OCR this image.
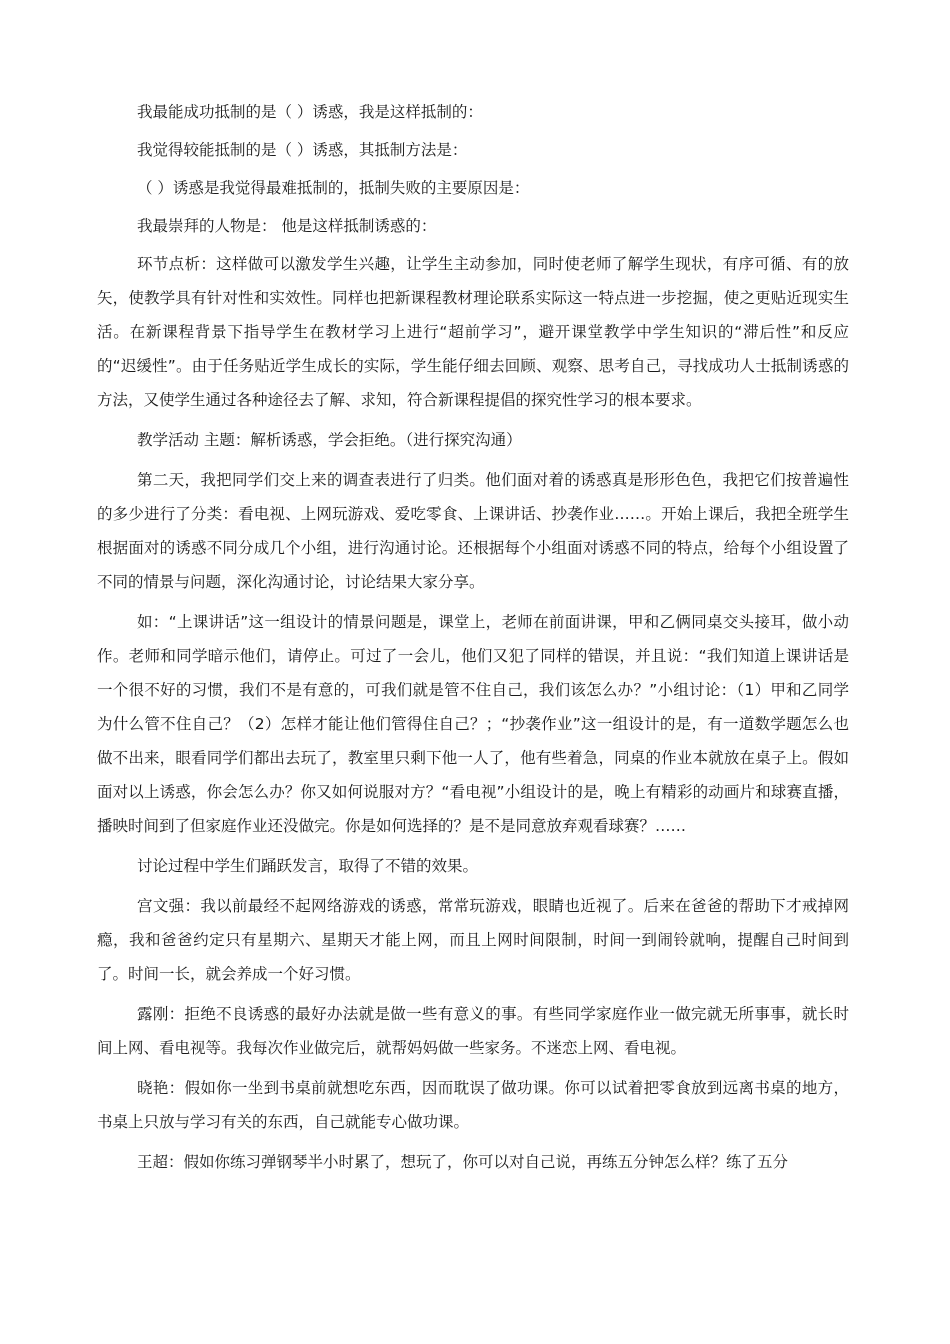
我最能成功抵制的是（ ）诱惑，我是这样抵制的：

我觉得较能抵制的是（ ）诱惑，其抵制方法是：

（ ）诱惑是我觉得最难抵制的，抵制失败的主要原因是：

我最崇拜的人物是： 他是这样抵制诱惑的：

环节点析：这样做可以激发学生兴趣，让学生主动参加，同时使老师了解学生现状，有序可循、有的放矢，使教学具有针对性和实效性。同样也把新课程教材理论联系实际这一特点进一步挖掘，使之更贴近现实生活。在新课程背景下指导学生在教材学习上进行“超前学习”，避开课堂教学中学生知识的“滞后性”和反应的“迟缓性”。由于任务贴近学生成长的实际，学生能仔细去回顾、观察、思考自己，寻找成功人士抵制诱惑的方法，又使学生通过各种途径去了解、求知，符合新课程提倡的探究性学习的根本要求。

教学活动 主题：解析诱惑，学会拒绝。（进行探究沟通）

第二天，我把同学们交上来的调查表进行了归类。他们面对着的诱惑真是形形色色，我把它们按普遍性的多少进行了分类：看电视、上网玩游戏、爱吃零食、上课讲话、抄袭作业……。开始上课后，我把全班学生根据面对的诱惑不同分成几个小组，进行沟通讨论。还根据每个小组面对诱惑不同的特点，给每个小组设置了不同的情景与问题，深化沟通讨论，讨论结果大家分享。

如：“上课讲话”这一组设计的情景问题是，课堂上，老师在前面讲课，甲和乙俩同桌交头接耳，做小动作。老师和同学暗示他们，请停止。可过了一会儿，他们又犯了同样的错误，并且说：“我们知道上课讲话是一个很不好的习惯，我们不是有意的，可我们就是管不住自己，我们该怎么办？”小组讨论：（1）甲和乙同学为什么管不住自己？（2）怎样才能让他们管得住自己？；“抄袭作业”这一组设计的是，有一道数学题怎么也做不出来，眼看同学们都出去玩了，教室里只剩下他一人了，他有些着急，同桌的作业本就放在桌子上。假如面对以上诱惑，你会怎么办？你又如何说服对方？“看电视”小组设计的是，晚上有精彩的动画片和球赛直播，播映时间到了但家庭作业还没做完。你是如何选择的？是不是同意放弃观看球赛？……

讨论过程中学生们踊跃发言，取得了不错的效果。

宫文强：我以前最经不起网络游戏的诱惑，常常玩游戏，眼睛也近视了。后来在爸爸的帮助下才戒掉网瘾，我和爸爸约定只有星期六、星期天才能上网，而且上网时间限制，时间一到闹铃就响，提醒自己时间到了。时间一长，就会养成一个好习惯。

露刚：拒绝不良诱惑的最好办法就是做一些有意义的事。有些同学家庭作业一做完就无所事事，就长时间上网、看电视等。我每次作业做完后，就帮妈妈做一些家务。不迷恋上网、看电视。

晓艳：假如你一坐到书桌前就想吃东西，因而耽误了做功课。你可以试着把零食放到远离书桌的地方，书桌上只放与学习有关的东西，自己就能专心做功课。

王超：假如你练习弹钢琴半小时累了，想玩了，你可以对自己说，再练五分钟怎么样？练了五分
